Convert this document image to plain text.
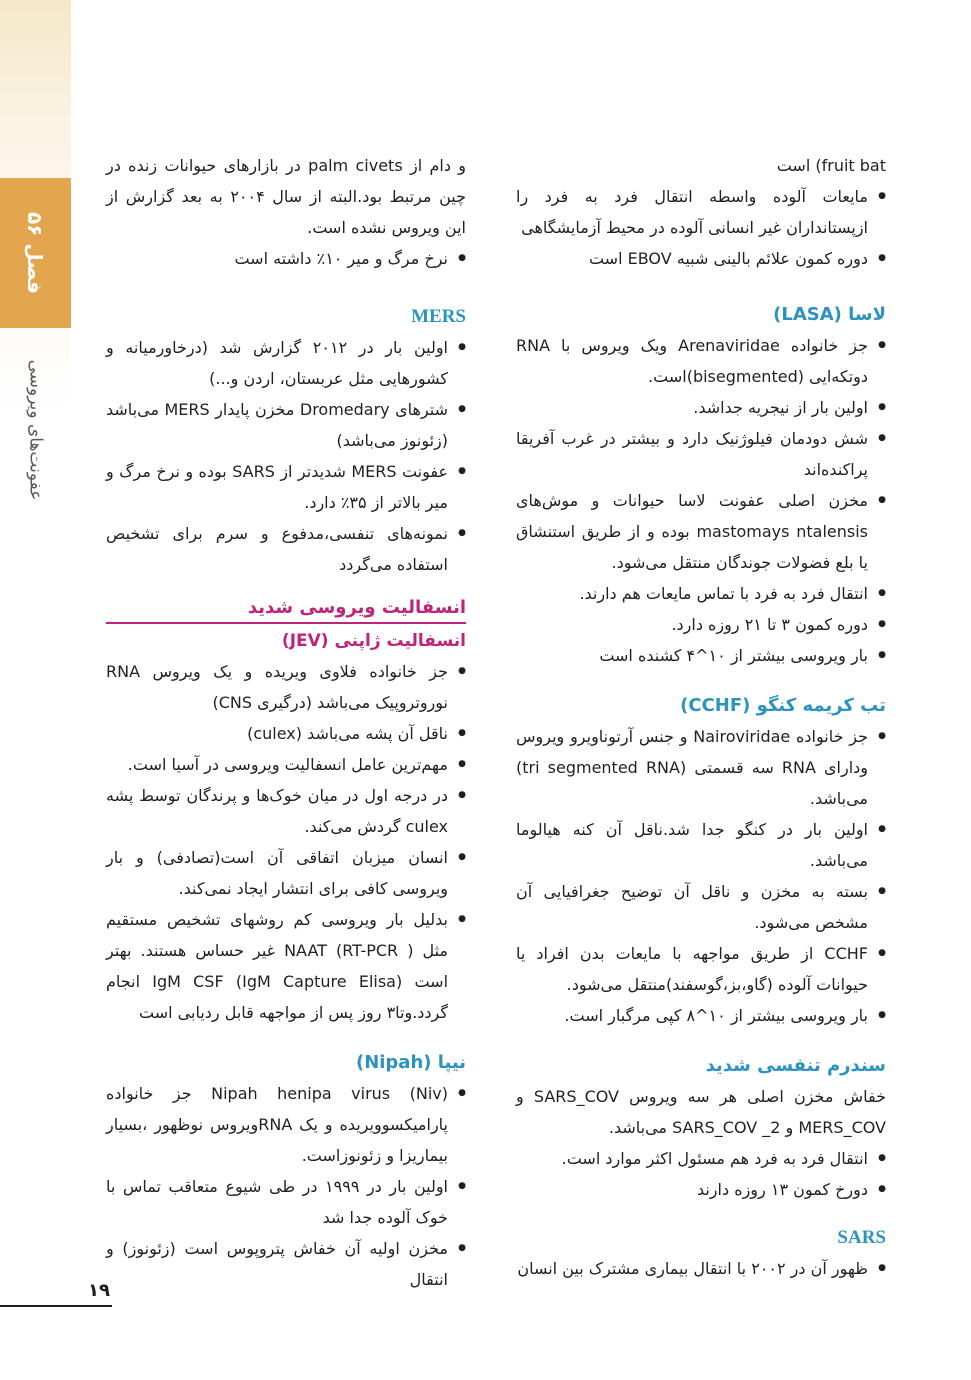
فصل ۵۶
عفونت‌های ویروسی

fruit bat) است

● مایعات آلوده واسطه انتقال فرد به فرد را ازپستانداران غیر انسانی آلوده در محیط آزمایشگاهی
● دوره کمون علائم بالینی شبیه EBOV است
لاسا (LASA)
● جز خانواده Arenaviridae ویک ویروس با RNA دوتکه‌ایی (bisegmented)است.
● اولین بار از نیجریه جداشد.
● شش دودمان فیلوژنیک دارد و بیشتر در غرب آفریقا پراکنده‌اند
● مخزن اصلی عفونت لاسا حیوانات و موش‌های mastomays ntalensis بوده و از طریق استنشاق یا بلع فضولات جوندگان منتقل می‌شود.
● انتقال فرد به فرد با تماس مایعات هم دارند.
● دوره کمون ۳ تا ۲۱ روزه دارد.
● بار ویروسی بیشتر از ۱۰^۴ کشنده است
تب کریمه کنگو (CCHF)
● جز خانواده Nairoviridae و جنس آرتوناویرو ویروس ودارای RNA سه قسمتی (tri segmented RNA) می‌باشد.
● اولین بار در کنگو جدا شد.ناقل آن کنه هیالوما می‌باشد.
● بسته به مخزن و ناقل آن توضیح جغرافیایی آن مشخص می‌شود.
● CCHF از طریق مواجهه با مایعات بدن افراد یا حیوانات آلوده (گاو،بز،گوسفند)منتقل می‌شود.
● بار ویروسی بیشتر از ۱۰^۸ کپی مرگبار است.
سندرم تنفسی شدید

خفاش مخزن اصلی هر سه ویروس SARS_COV و MERS_COV و SARS_COV _2 می‌باشد.

● انتقال فرد به فرد هم مسئول اکثر موارد است.
● دورخ کمون ۱۳ روزه دارند
SARS
● ظهور آن در ۲۰۰۲ با انتقال بیماری مشترک بین انسان

و دام از palm civets در بازارهای حیوانات زنده در چین مرتبط بود.البته از سال ۲۰۰۴ به بعد گزارش از این ویروس نشده است.

● نرخ مرگ و میر ۱۰٪ داشته است
MERS
● اولین بار در ۲۰۱۲ گزارش شد (درخاورمیانه و کشورهایی مثل عربستان، اردن و...)
● شترهای Dromedary مخزن پایدار MERS می‌باشد (زئونوز می‌باشد)
● عفونت MERS شدیدتر از SARS بوده و نرخ مرگ و میر بالاتر از ۳۵٪ دارد.
● نمونه‌های تنفسی،مدفوع و سرم برای تشخیص استفاده می‌گردد
انسفالیت ویروسی شدید
انسفالیت ژاپنی (JEV)
● جز خانواده فلاوی ویریده و یک ویروس RNA نوروتروپیک می‌باشد (درگیری CNS)
● ناقل آن پشه می‌باشد (culex)
● مهم‌ترین عامل انسفالیت ویروسی در آسیا است.
● در درجه اول در میان خوک‌ها و پرندگان توسط پشه culex گردش می‌کند.
● انسان میزبان اتفاقی آن است(تصادفی) و بار ویروسی کافی برای انتشار ایجاد نمی‌کند.
● بدلیل بار ویروسی کم روشهای تشخیص مستقیم مثل NAAT (RT-PCR ) غیر حساس هستند. بهتر است IgM CSF (IgM Capture Elisa) انجام گردد.وتا۳ روز پس از مواجهه قابل ردیابی است
نیپا (Nipah)
● Nipah henipa virus (Niv) جز خانواده پارامیکسوویریده و یک RNAویروس نوظهور ،بسیار بیماریزا و زئونوزاست.
● اولین بار در ۱۹۹۹ در طی شیوع متعاقب تماس با خوک آلوده جدا شد
● مخزن اولیه آن خفاش پتروپوس است (زئونوز) و انتقال
۱۹
